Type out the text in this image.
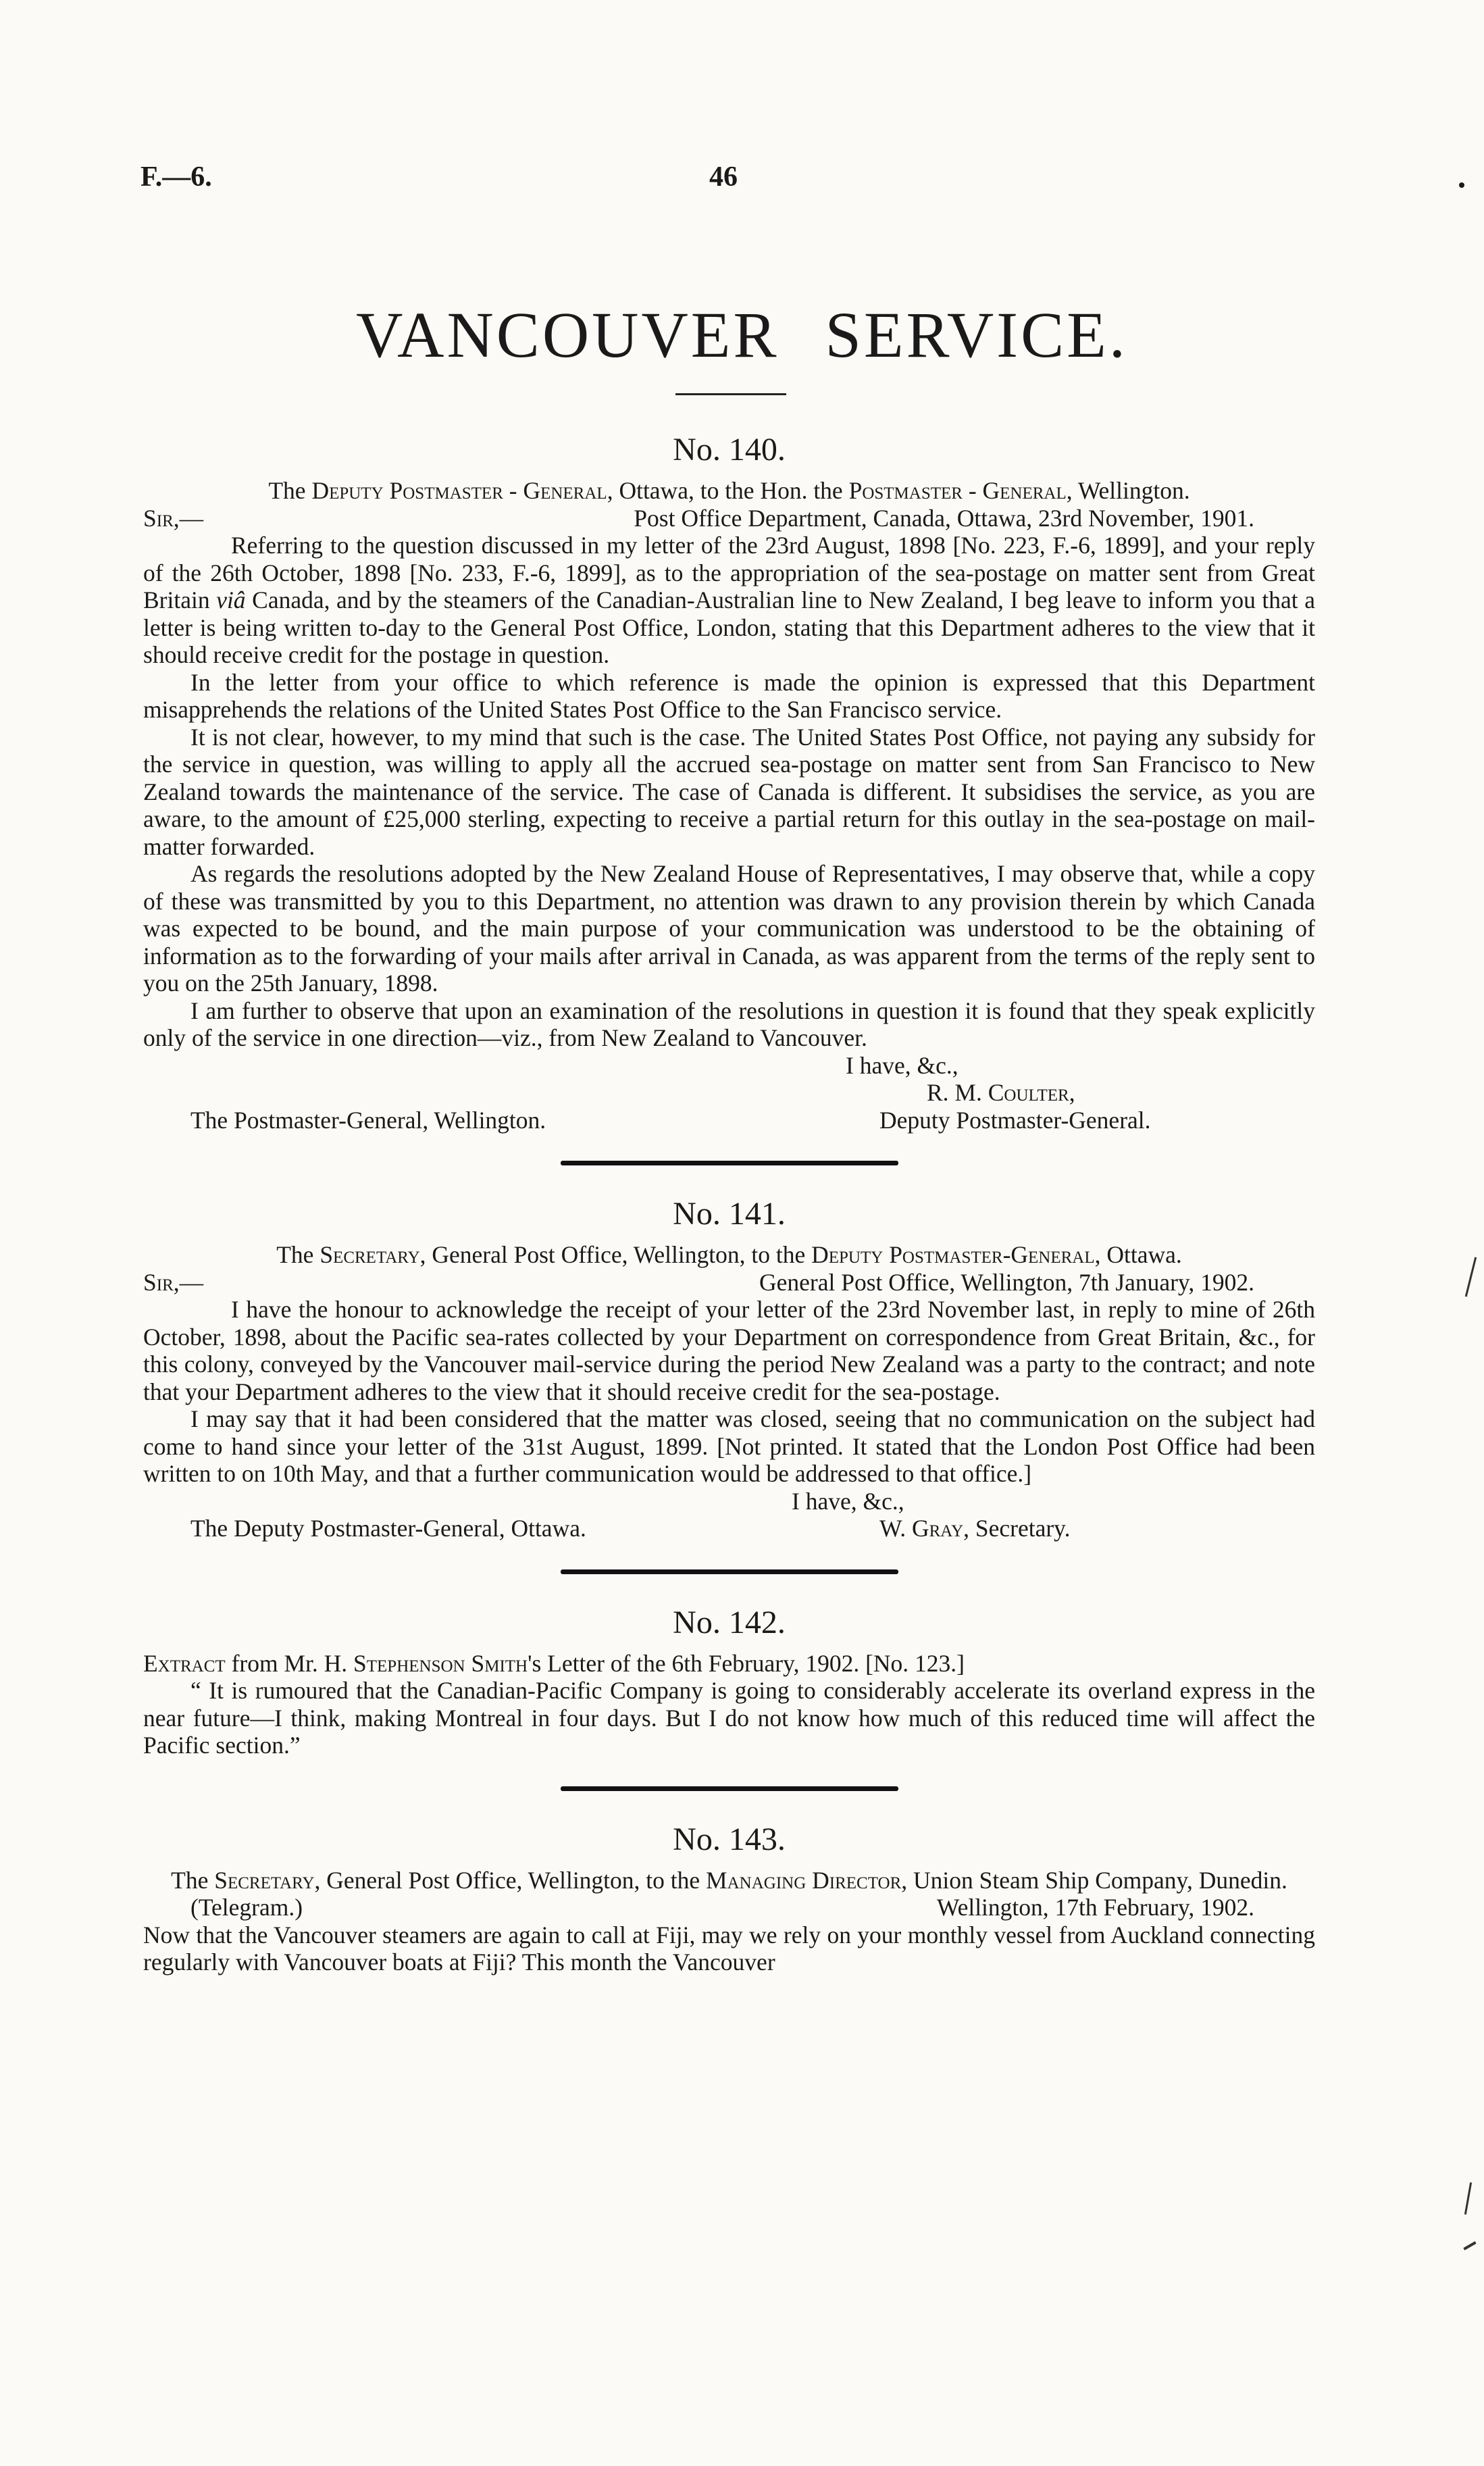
F.—6.	46
VANCOUVER SERVICE.
No. 140.

The Deputy Postmaster - General, Ottawa, to the Hon. the Postmaster - General, Wellington.

Sir,—	Post Office Department, Canada, Ottawa, 23rd November, 1901.

Referring to the question discussed in my letter of the 23rd August, 1898 [No. 223, F.-6, 1899], and your reply of the 26th October, 1898 [No. 233, F.-6, 1899], as to the appropriation of the sea-postage on matter sent from Great Britain viâ Canada, and by the steamers of the Canadian-Australian line to New Zealand, I beg leave to inform you that a letter is being written to-day to the General Post Office, London, stating that this Department adheres to the view that it should receive credit for the postage in question.

In the letter from your office to which reference is made the opinion is expressed that this Department misapprehends the relations of the United States Post Office to the San Francisco service.

It is not clear, however, to my mind that such is the case. The United States Post Office, not paying any subsidy for the service in question, was willing to apply all the accrued sea-postage on matter sent from San Francisco to New Zealand towards the maintenance of the service. The case of Canada is different. It subsidises the service, as you are aware, to the amount of £25,000 sterling, expecting to receive a partial return for this outlay in the sea-postage on mail-matter forwarded.

As regards the resolutions adopted by the New Zealand House of Representatives, I may observe that, while a copy of these was transmitted by you to this Department, no attention was drawn to any provision therein by which Canada was expected to be bound, and the main purpose of your communication was understood to be the obtaining of information as to the forwarding of your mails after arrival in Canada, as was apparent from the terms of the reply sent to you on the 25th January, 1898.

I am further to observe that upon an examination of the resolutions in question it is found that they speak explicitly only of the service in one direction—viz., from New Zealand to Vancouver.

I have, &c.,
R. M. Coulter,
The Postmaster-General, Wellington.	Deputy Postmaster-General.
No. 141.

The Secretary, General Post Office, Wellington, to the Deputy Postmaster-General, Ottawa.

Sir,—	General Post Office, Wellington, 7th January, 1902.

I have the honour to acknowledge the receipt of your letter of the 23rd November last, in reply to mine of 26th October, 1898, about the Pacific sea-rates collected by your Department on correspondence from Great Britain, &c., for this colony, conveyed by the Vancouver mail-service during the period New Zealand was a party to the contract; and note that your Department adheres to the view that it should receive credit for the sea-postage.

I may say that it had been considered that the matter was closed, seeing that no communication on the subject had come to hand since your letter of the 31st August, 1899. [Not printed. It stated that the London Post Office had been written to on 10th May, and that a further communication would be addressed to that office.]

I have, &c.,
The Deputy Postmaster-General, Ottawa.	W. Gray, Secretary.
No. 142.

Extract from Mr. H. Stephenson Smith's Letter of the 6th February, 1902. [No. 123.]

“ It is rumoured that the Canadian-Pacific Company is going to considerably accelerate its overland express in the near future—I think, making Montreal in four days. But I do not know how much of this reduced time will affect the Pacific section.”

No. 143.

The Secretary, General Post Office, Wellington, to the Managing Director, Union Steam Ship Company, Dunedin.

(Telegram.)	Wellington, 17th February, 1902.

Now that the Vancouver steamers are again to call at Fiji, may we rely on your monthly vessel from Auckland connecting regularly with Vancouver boats at Fiji? This month the Vancouver
